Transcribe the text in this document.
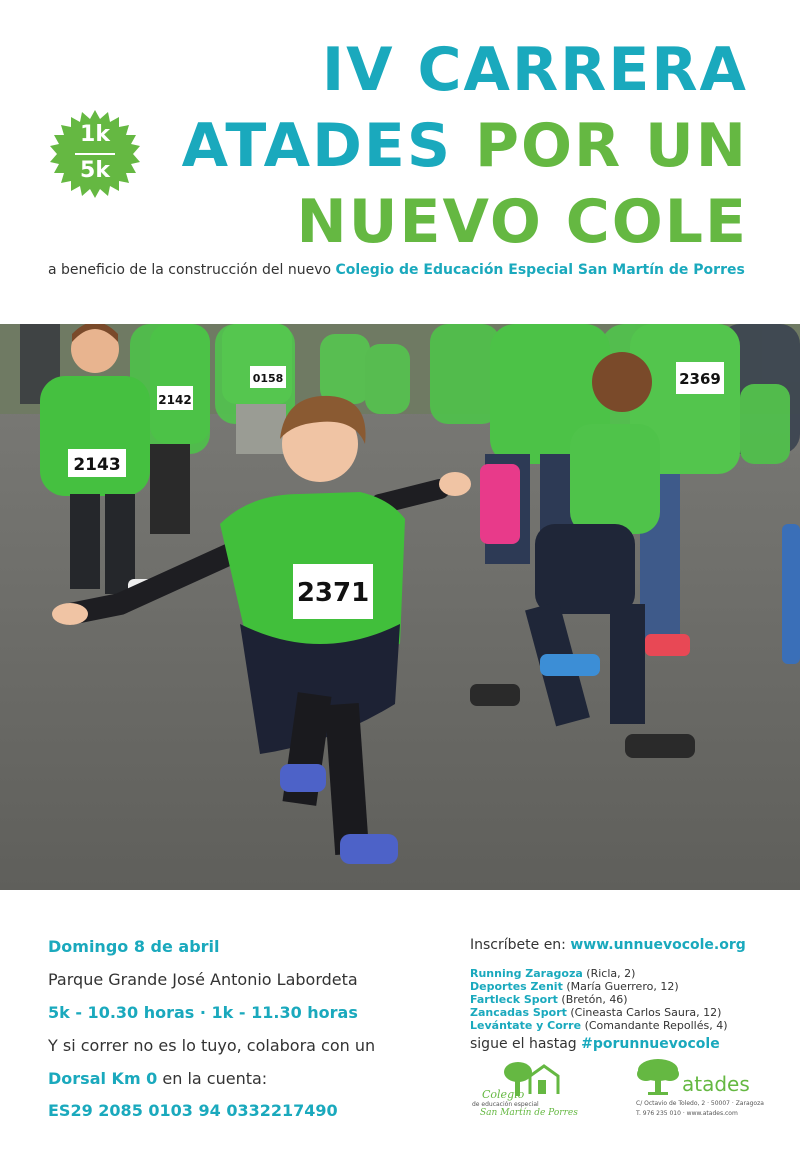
1k
5k
IV CARRERA
ATADES POR UN
NUEVO COLE
a beneficio de la construcción del nuevo Colegio de Educación Especial San Martín de Porres
2143
2142
0158	2369
2371
Domingo 8 de abril
Parque Grande José Antonio Labordeta
5k - 10.30 horas · 1k - 11.30 horas
Y si correr no es lo tuyo, colabora con un
Dorsal Km 0 en la cuenta:
ES29 2085 0103 94 0332217490
Inscríbete en: www.unnuevocole.org
Running Zaragoza (Ricla, 2)
Deportes Zenit (María Guerrero, 12)
Fartleck Sport (Bretón, 46)
Zancadas Sport (Cineasta Carlos Saura, 12)
Levántate y Corre (Comandante Repollés, 4)
sigue el hastag #porunnuevocole
Colegio
de educación especial
San Martín de Porres
atades
C/ Octavio de Toledo, 2 · 50007 · Zaragoza
T. 976 235 010 · www.atades.com
